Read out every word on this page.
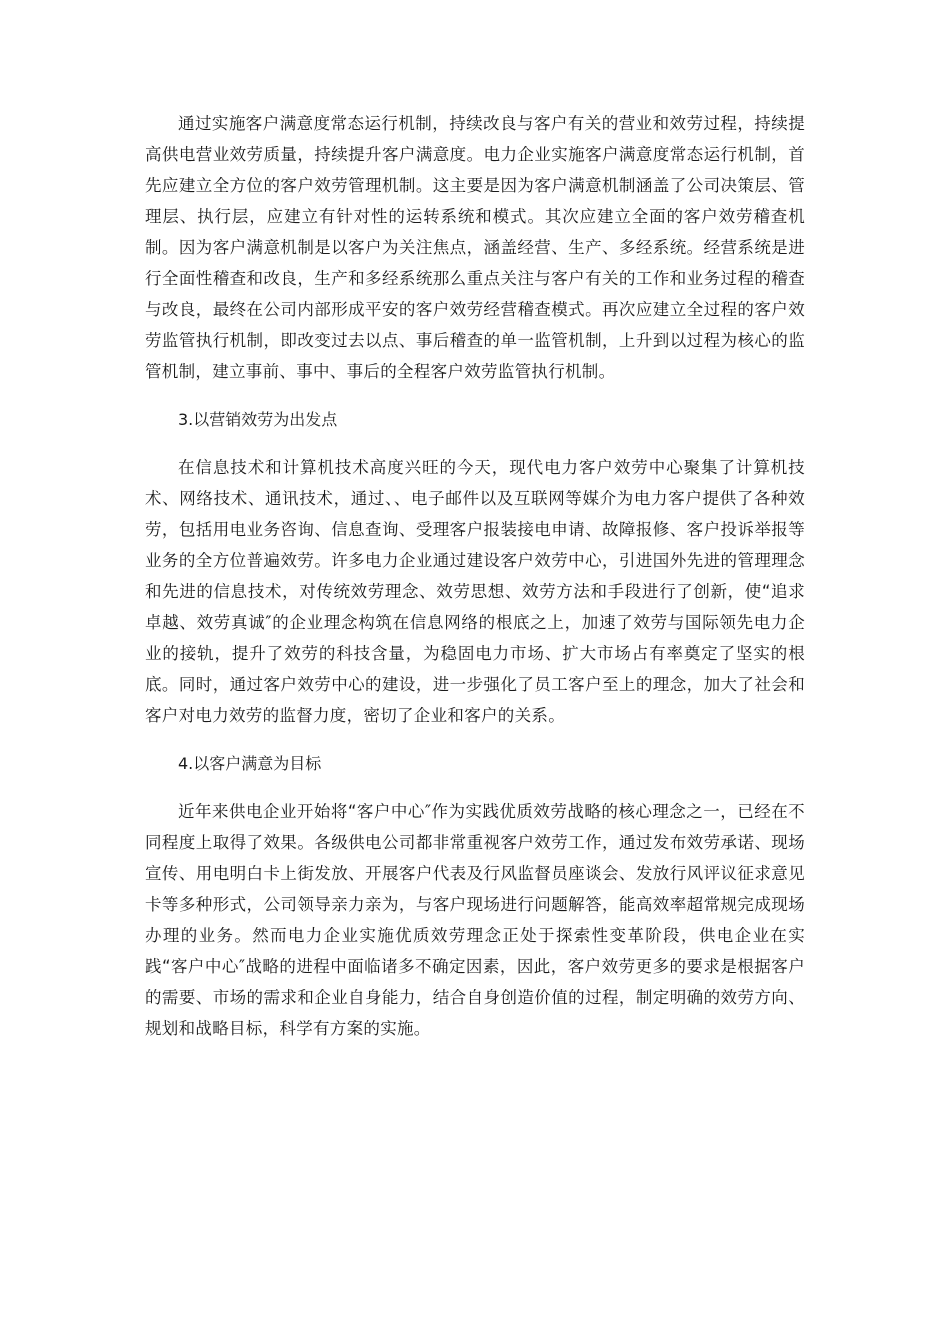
通过实施客户满意度常态运行机制，持续改良与客户有关的营业和效劳过程，持续提高供电营业效劳质量，持续提升客户满意度。电力企业实施客户满意度常态运行机制，首先应建立全方位的客户效劳管理机制。这主要是因为客户满意机制涵盖了公司决策层、管理层、执行层，应建立有针对性的运转系统和模式。其次应建立全面的客户效劳稽查机制。因为客户满意机制是以客户为关注焦点，涵盖经营、生产、多经系统。经营系统是进行全面性稽查和改良，生产和多经系统那么重点关注与客户有关的工作和业务过程的稽查与改良，最终在公司内部形成平安的客户效劳经营稽查模式。再次应建立全过程的客户效劳监管执行机制，即改变过去以点、事后稽查的单一监管机制，上升到以过程为核心的监管机制，建立事前、事中、事后的全程客户效劳监管执行机制。

3.以营销效劳为出发点

在信息技术和计算机技术高度兴旺的今天，现代电力客户效劳中心聚集了计算机技术、网络技术、通讯技术，通过、、电子邮件以及互联网等媒介为电力客户提供了各种效劳，包括用电业务咨询、信息查询、受理客户报装接电申请、故障报修、客户投诉举报等业务的全方位普遍效劳。许多电力企业通过建设客户效劳中心，引进国外先进的管理理念和先进的信息技术，对传统效劳理念、效劳思想、效劳方法和手段进行了创新，使“追求卓越、效劳真诚″的企业理念构筑在信息网络的根底之上，加速了效劳与国际领先电力企业的接轨，提升了效劳的科技含量，为稳固电力市场、扩大市场占有率奠定了坚实的根底。同时，通过客户效劳中心的建设，进一步强化了员工客户至上的理念，加大了社会和客户对电力效劳的监督力度，密切了企业和客户的关系。

4.以客户满意为目标

近年来供电企业开始将“客户中心″作为实践优质效劳战略的核心理念之一，已经在不同程度上取得了效果。各级供电公司都非常重视客户效劳工作，通过发布效劳承诺、现场宣传、用电明白卡上街发放、开展客户代表及行风监督员座谈会、发放行风评议征求意见卡等多种形式，公司领导亲力亲为，与客户现场进行问题解答，能高效率超常规完成现场办理的业务。然而电力企业实施优质效劳理念正处于探索性变革阶段，供电企业在实践“客户中心″战略的进程中面临诸多不确定因素，因此，客户效劳更多的要求是根据客户的需要、市场的需求和企业自身能力，结合自身创造价值的过程，制定明确的效劳方向、规划和战略目标，科学有方案的实施。
